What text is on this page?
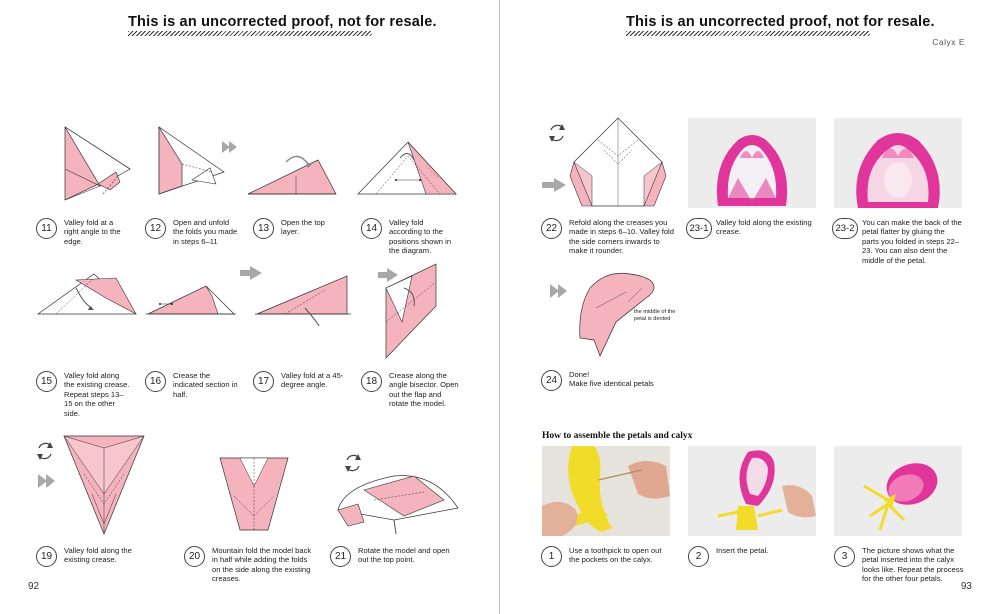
This is an uncorrected proof, not for resale.
11
Valley fold at a right angle to the edge.
12
Open and unfold the folds you made in steps 6–11
13
Open the top layer.	14
Valley fold according to the positions shown in the diagram.
15
Valley fold along the existing crease. Repeat steps 13–15 on the other side.
16
Crease the indicated section in half.
17
Valley fold at a 45-degree angle.	18
Crease along the angle bisector. Open out the flap and rotate the model.
19
Valley fold along the existing crease.	20
Mountain fold the model back in half while adding the folds on the side along the existing creases.
21
Rotate the model and open out the top point.
92
This is an uncorrected proof, not for resale.
Calyx E
22
Refold along the creases you made in steps 6–10. Valley fold the side corners inwards to make it rounder.
23-1
Valley fold along the existing crease.	23-2
You can make the back of the petal flatter by gluing the parts you folded in steps 22–23. You can also dent the middle of the petal.
the middle of the petal is dented
24
Done!
Make five identical petals
How to assemble the petals and calyx
1
Use a toothpick to open out the pockets on the calyx.	2
Insert the petal.
3
The picture shows what the petal inserted into the calyx looks like. Repeat the process for the other four petals.
93
